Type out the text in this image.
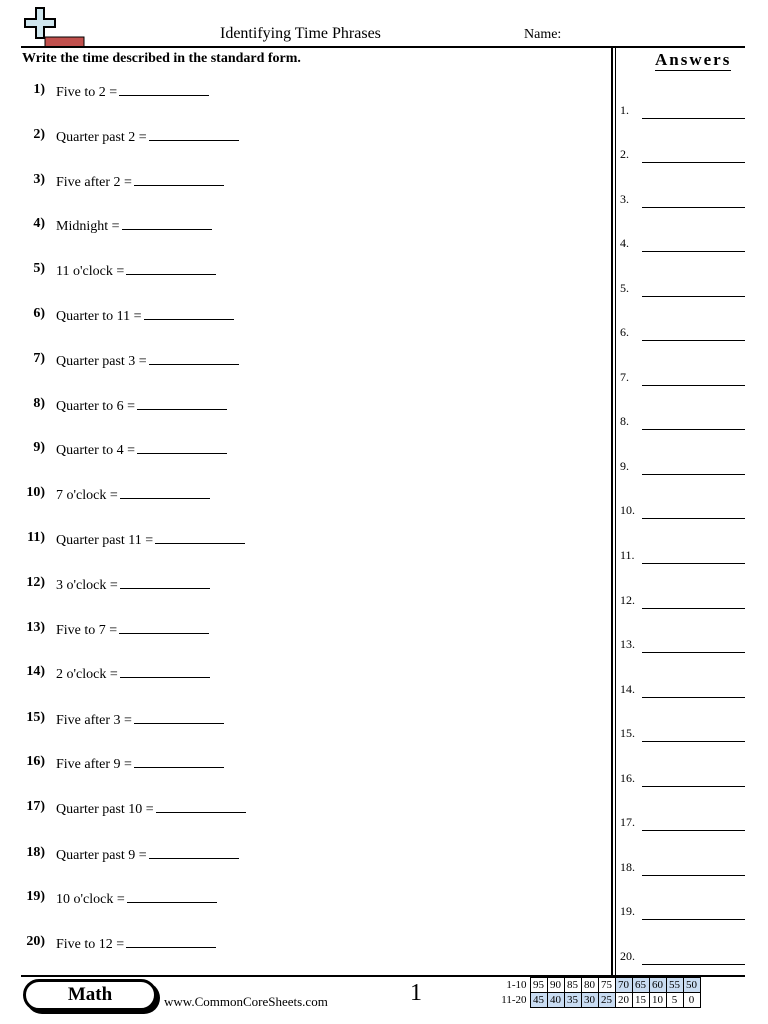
Identifying Time Phrases	Name:
Write the time described in the standard form.	Answers
1) Five to 2 =
2) Quarter past 2 =
3) Five after 2 =
4) Midnight =
5) 11 o'clock =
6) Quarter to 11 =
7) Quarter past 3 =
8) Quarter to 6 =
9) Quarter to 4 =
10) 7 o'clock =
11) Quarter past 11 =
12) 3 o'clock =
13) Five to 7 =
14) 2 o'clock =
15) Five after 3 =
16) Five after 9 =
17) Quarter past 10 =
18) Quarter past 9 =
19) 10 o'clock =
20) Five to 12 =
1.
2.
3.
4.
5.
6.
7.
8.
9.
10.
11.
12.
13.
14.
15.
16.
17.
18.
19.
20.
Math	www.CommonCoreSheets.com	1	1-10	95	90	85	80	75	70	65	60	55	50
11-20	45	40	35	30	25	20	15	10	5	0
